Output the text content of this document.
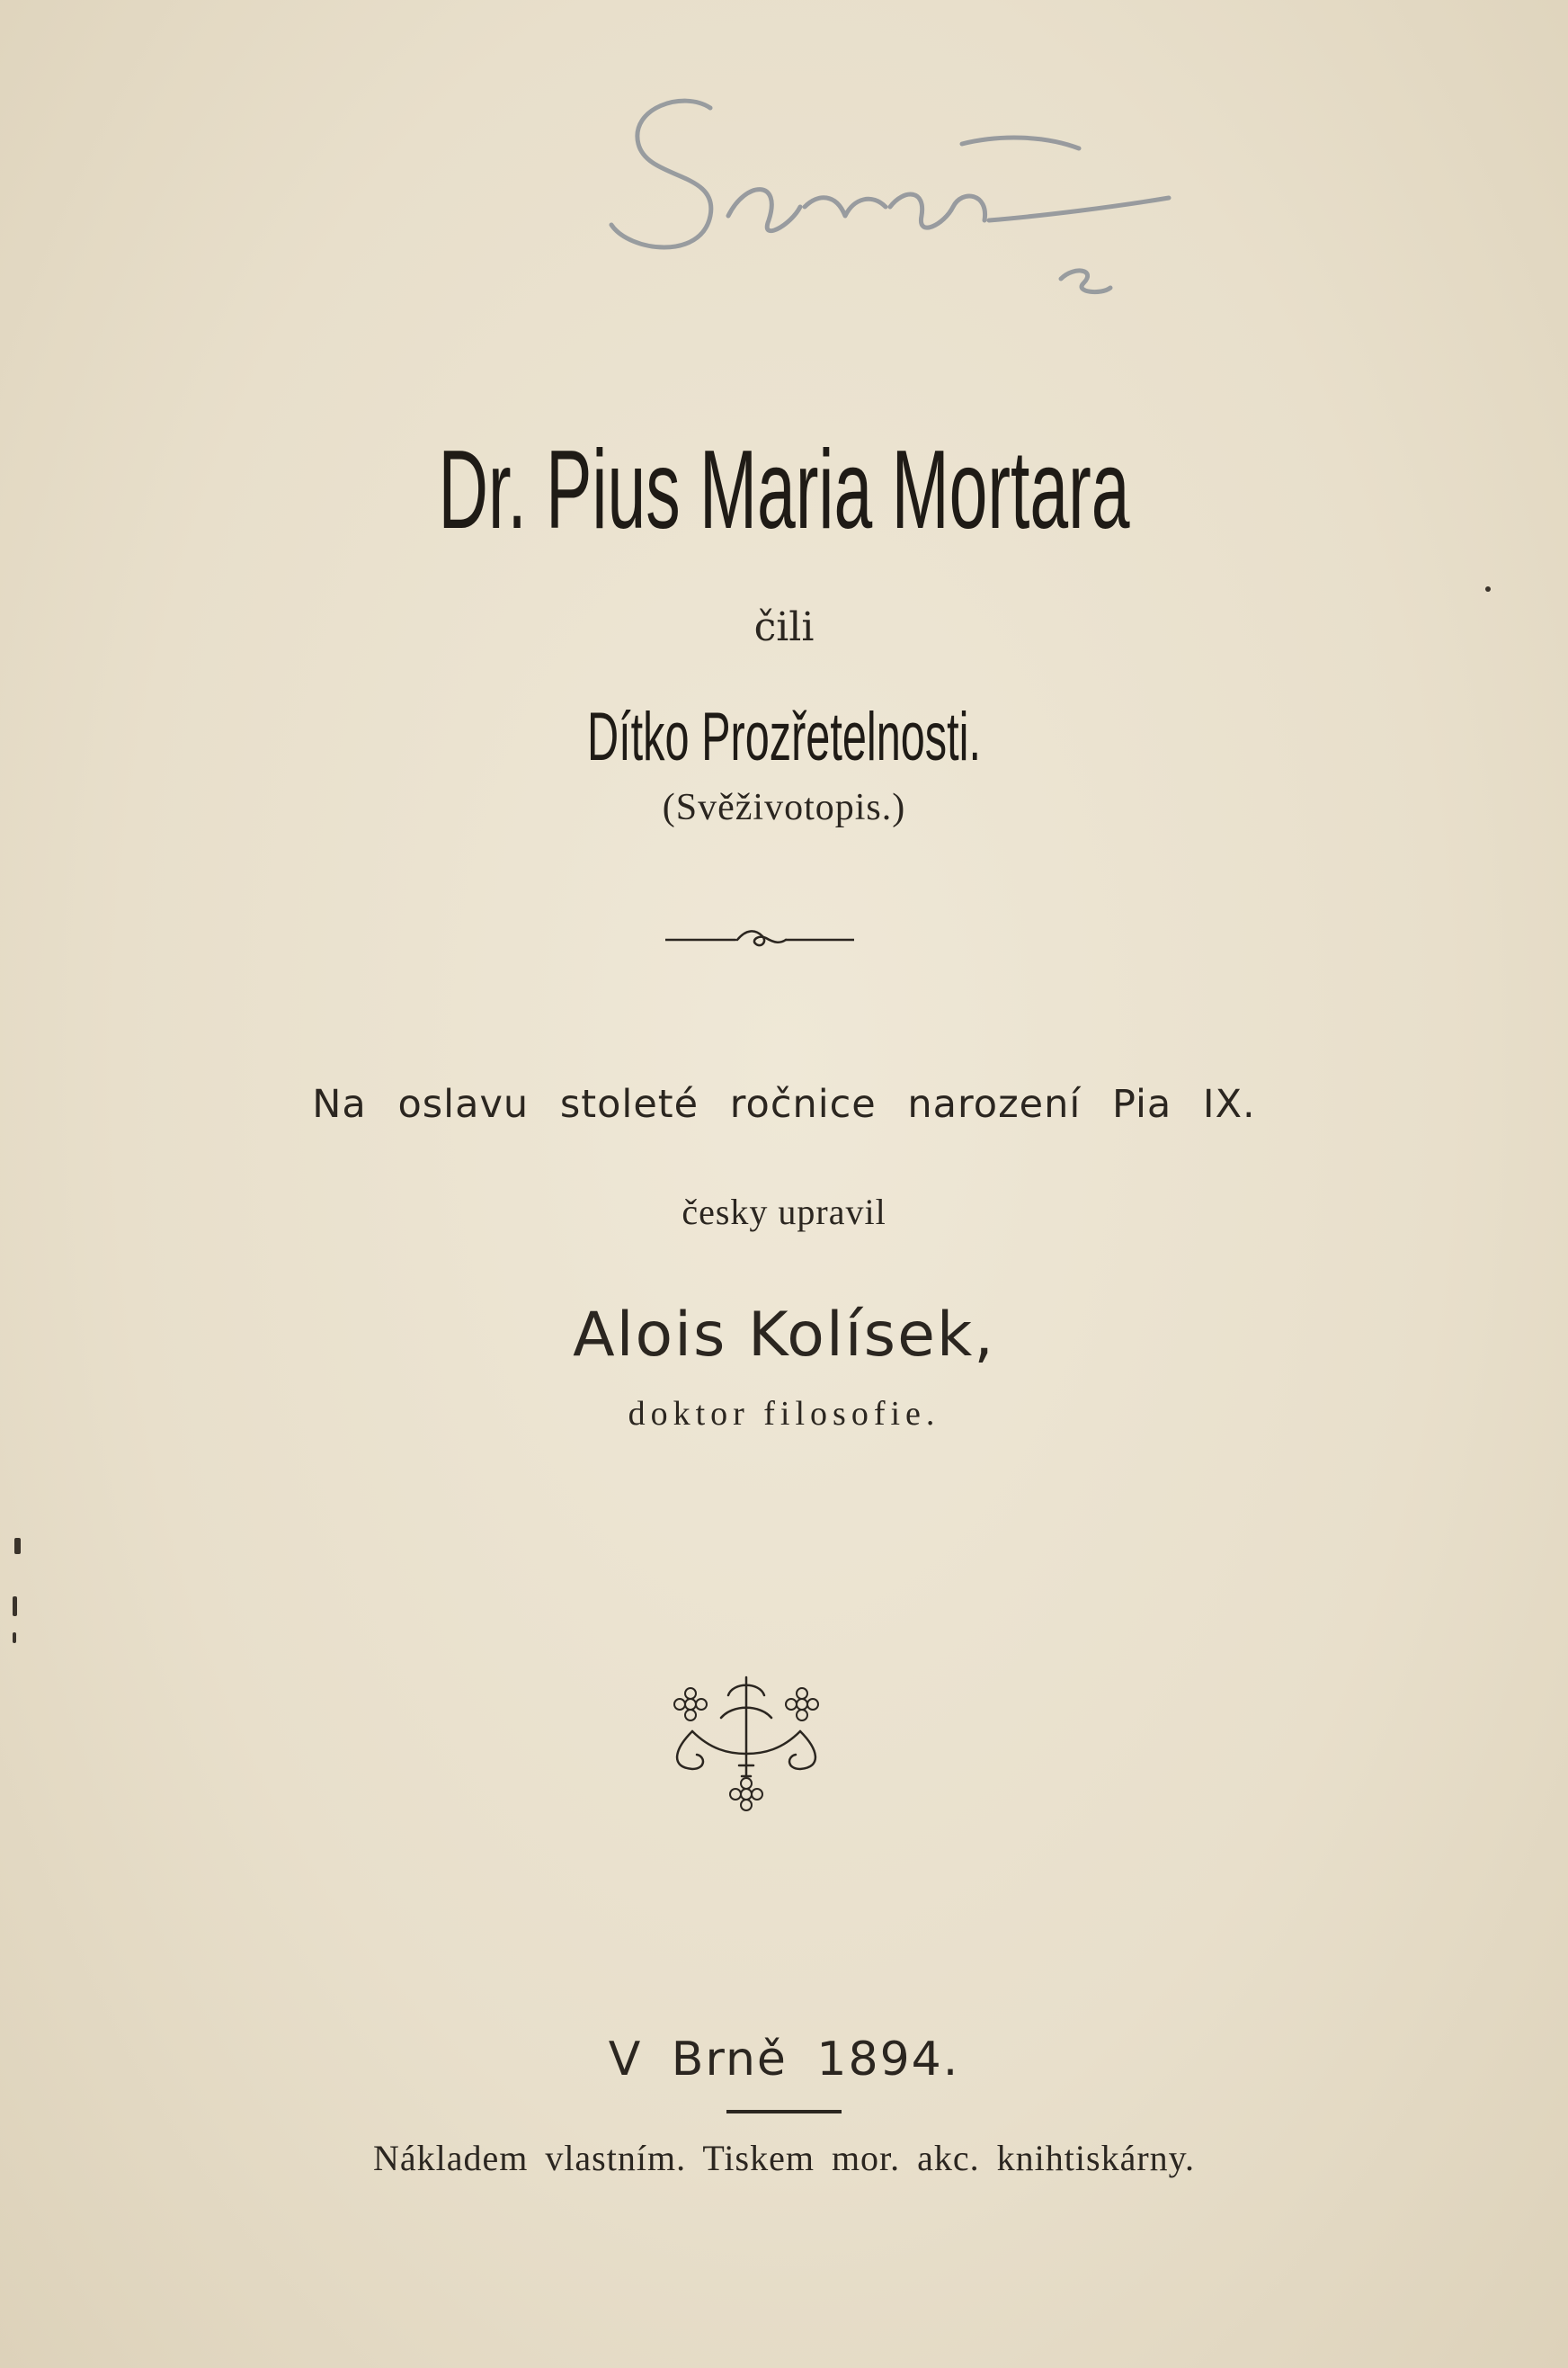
Dr. Pius Maria Mortara
čili
Dítko Prozřetelnosti.
(Svěživotopis.)
Na oslavu stoleté ročnice narození Pia IX.
česky upravil
Alois Kolísek,
doktor filosofie.
V Brně 1894.
Nákladem vlastním. Tiskem mor. akc. knihtiskárny.
